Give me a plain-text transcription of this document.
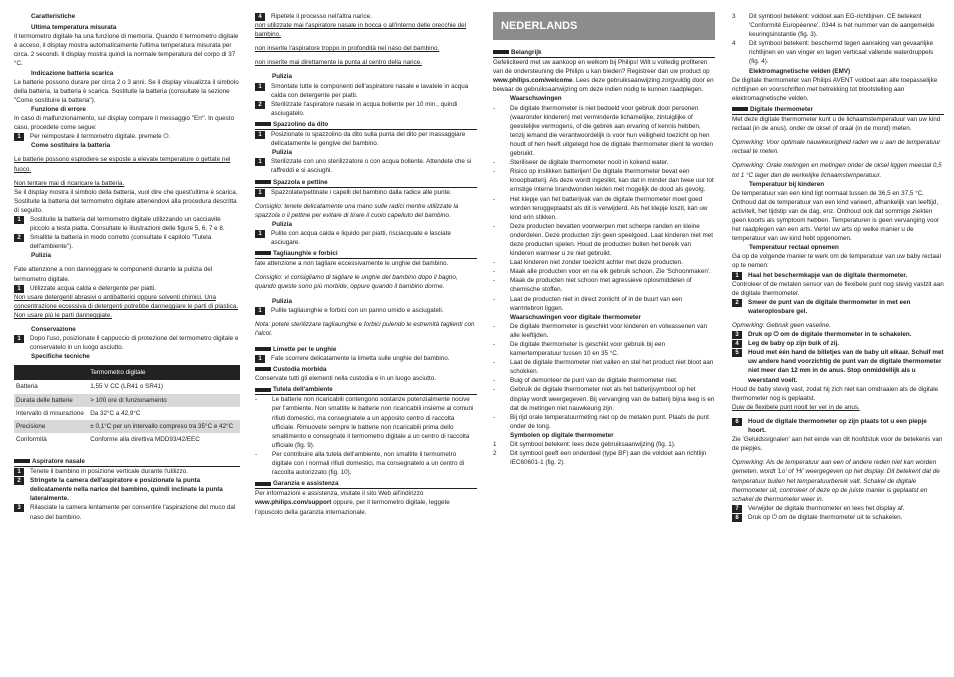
Caratteristiche

Ultima temperatura misurata

Il termometro digitale ha una funzione di memoria. Quando il termometro digitale è acceso, il display mostra automaticamente l'ultima temperatura misurata per circa. 2 secondi. Il display mostra quindi la normale temperatura del corpo di 37 °C.

Indicazione batteria scarica

Le batterie possono durare per circa 2 o 3 anni. Se il display visualizza il simbolo della batteria, la batteria è scarica. Sostituite la batteria (consultate la sezione "Come sostituire la batteria").

Funzione di errore

In caso di malfunzionamento, sul display compare il messaggio "Err". In questo caso, procedete come segue:

1	Per reimpostare il termometro digitale. premete ⏻.

Come sostituire la batteria

Le batterie possono esplodere se esposte a elevate temperature o gettate nel fuoco.

Non tentare mai di ricaricare la batteria.

Se il display mostra il simbolo della batteria, vuol dire che quest'ultima è scarica. Sostituite la batteria del termometro digitale attenendovi alla procedura descritta di seguito.

1	Sostituite la batteria del termometro digitale utilizzando un cacciavite piccolo a testa piatta. Consultate le illustrazioni delle figure 5, 6, 7 e 8.
2	Smaltite la batteria in modo corretto (consultate il capitolo "Tutela dell'ambiente").

Pulizia

Fate attenzione a non danneggiare le componenti durante la pulizia del termometro digitale.

1	Utilizzate acqua calda e detergente per piatti.

Non usare detergenti abrasivi o antibatterici oppure solventi chimici. Una concentrazione eccessiva di detergenti potrebbe danneggiare le parti di plastica. Non usare più le parti danneggiate.

Conservazione

1	Dopo l'uso, posizionate il cappuccio di protezione del termometro digitale e conservatelo in un luogo asciutto.

Specifiche tecniche

	Termometro digitale
Batteria	1,55 V CC (LR41 o SR41)
Durata delle batterie	> 100 ore di funzionamento
Intervallo di misurazione	Da 32°C a 42,9°C
Precisione	± 0,1°C per un intervallo compreso tra 35°C e 42°C
Conformità	Conforme alla direttiva MDD93/42/EEC

Aspiratore nasale

1	Tenete il bambino in posizione verticale durante l'utilizzo.
2	Stringete la camera dell'aspiratore e posizionate la punta delicatamente nella narice del bambino, quindi inclinate la punta lateralmente.
3	Rilasciate la camera lentamente per consentire l'aspirazione del muco dal naso del bambino.
4	Ripetete il processo nell'altra narice.

non utilizzate mai l'aspiratore nasale in bocca o all'interno delle orecchie del bambino.

non inserite l'aspiratore troppo in profondità nel naso del bambino.

non inserite mai direttamente la punta al centro della narice.

Pulizia

1	Smontate tutte le componenti dell'aspiratore nasale e lavatele in acqua calda con detergente per piatti.
2	Sterilizzate l'aspiratore nasale in acqua bollente per 10 min., quindi asciugatelo.

Spazzolino da dito

1	Posizionate lo spazzolino da dito sulla punta del dito per massaggiare delicatamente le gengive del bambino.

Pulizia

1	Sterilizzate con uno sterilizzatore o con acqua bollente. Attendete che si raffreddi e si asciughi.

Spazzola e pettine

1	Spazzolate/pettinate i capelli del bambino dalla radice alle punte.

Consiglio: tenete delicatamente una mano sulle radici mentre utilizzate la spazzola o il pettine per evitare di tirare il cuoio capelluto del bambino.

Pulizia

1	Pulite con acqua calda e liquido per piatti, risciacquate e lasciate asciugare.

Tagliaunghie e forbici

fate attenzione a non tagliare eccessivamente le unghie del bambino.

Consiglio: vi consigliamo di tagliare le unghie del bambino dopo il bagno, quando queste sono più morbide, oppure quando il bambino dorme.

Pulizia

1	Pulite tagliaunghie e forbici con un panno umido e asciugateli.

Nota: potete sterilizzare tagliaunghie e forbici pulendo le estremità taglienti con l'alcol.

Limette per le unghie

1	Fate scorrere delicatamente la limetta sulle unghie del bambino.

Custodia morbida

Conservate tutti gli elementi nella custodia e in un luogo asciutto.

Tutela dell'ambiente

-	Le batterie non ricaricabili contengono sostanze potenzialmente nocive per l'ambiente. Non smaltite le batterie non ricaricabili insieme ai comuni rifiuti domestici, ma consegnatele a un apposito centro di raccolta ufficiale. Rimuovete sempre le batterie non ricaricabili prima dello smaltimento e consegnate il termometro digitale a un centro di raccolta ufficiale (fig. 9).
-	Per contribuire alla tutela dell'ambiente, non smaltite il termometro digitale con i normali rifiuti domestici, ma consegnatelo a un centro di raccolta autorizzato (fig. 10).

Garanzia e assistenza

Per informazioni e assistenza, visitate il sito Web all'indirizzo www.philips.com/support oppure, per il termometro digitale, leggete l'opuscolo della garanzia internazionale.

NEDERLANDS

Belangrijk

Gefeliciteerd met uw aankoop en welkom bij Philips! Wilt u volledig profiteren van de ondersteuning die Philips u kan bieden? Registreer dan uw product op www.philips.com/welcome. Lees deze gebruiksaanwijzing zorgvuldig door en bewaar de gebruiksaanwijzing om deze indien nodig te kunnen raadplegen.

Waarschuwingen

-	De digitale thermometer is niet bedoeld voor gebruik door personen (waaronder kinderen) met verminderde lichamelijke, zintuiglijke of geestelijke vermogens, of die gebrek aan ervaring of kennis hebben, tenzij iemand die verantwoordelijk is voor hun veiligheid toezicht op hen houdt of hen heeft uitgelegd hoe de digitale thermometer dient te worden gebruikt.
-	Steriliseer de digitale thermometer nooit in kokend water.
-	Risico op inslikken batterijen! De digitale thermometer bevat een knoopbatterij. Als deze wordt ingeslikt, kan dat in minder dan twee uur tot ernstige interne brandwonden leiden met mogelijk de dood als gevolg.
-	Het klepje van het batterijvak van de digitale thermometer moet goed worden teruggeplaatst als dit is verwijderd. Als het klepje loszit, kan uw kind erin stikken.
-	Deze producten bevatten voorwerpen met scherpe randen en kleine onderdelen. Deze producten zijn geen speelgoed. Laat kinderen niet met deze producten spelen. Houd de producten buiten het bereik van kinderen wanneer u ze niet gebruikt.
-	Laat kinderen niet zonder toezicht achter met deze producten.
-	Maak alle producten voor en na elk gebruik schoon. Zie 'Schoonmaken'.
-	Maak de producten niet schoon met agressieve oplosmiddelen of chemische stoffen.
-	Laat de producten niet in direct zonlicht of in de buurt van een warmtebron liggen.

Waarschuwingen voor digitale thermometer

-	De digitale thermometer is geschikt voor kinderen en volwassenen van alle leeftijden.
-	De digitale thermometer is geschikt voor gebruik bij een kamertemperatuur tussen 10 en 35 °C.
-	Laat de digitale thermometer niet vallen en stel het product niet bloot aan schokken.
-	Buig of demonteer de punt van de digitale thermometer niet.
-	Gebruik de digitale thermometer niet als het batterijsymbool op het display wordt weergegeven. Bij vervanging van de batterij bijna leeg is en dat de metingen niet nauwkeurig zijn.
-	Bij rijd orale temperatuurmeting niet op de metalen punt. Plaats de punt onder de tong.

Symbolen op digitale thermometer

1	Dit symbool betekent: lees deze gebruiksaanwijzing (fig. 1).
2	Dit symbool geeft een onderdeel (type BF) aan die voldoet aan richtlijn IEC60601-1 (fig. 2).
3	Dit symbool betekent: voldoet aan EG-richtlijnen. CE betekent 'Conformité Européenne'. 0344 is het nummer van de aangemelde keuringsinstantie (fig. 3).
4	Dit symbool betekent: beschermd tegen aanraking van gevaarlijke richtlijnen en van vinger en tegen verticaal vallende waterdruppels (fig. 4).

Elektromagnetische velden (EMV)

De digitale thermometer van Philips AVENT voldoet aan alle toepasselijke richtlijnen en voorschriften met betrekking tot blootstelling aan elektromagnetische velden.

Digitale thermometer

Met deze digitale thermometer kunt u de lichaamstemperatuur van uw kind rectaal (in de anus), onder de oksel of oraal (in de mond) meten.

Opmerking: Voor optimale nauwkeurigheid raden we u aan de temperatuur rectaal te meten.

Opmerking: Orale metingen en metingen onder de oksel liggen meestal 0,5 tot 1 °C lager dan de werkelijke lichaamstemperatuur.

Temperatuur bij kinderen

De temperatuur van een kind ligt normaal tussen de 36,5 en 37,5 °C. Onthoud dat de temperatuur van een kind varieert, afhankelijk van leeftijd, activiteit, het tijdstip van de dag, enz. Onthoud ook dat sommige ziekten geen koorts als symptoom hebben. Temperaturen is geen vervanging voor het raadplegen van een arts. Vertel uw arts op welke manier u de temperatuur van uw kind hebt opgenomen.

Temperatuur rectaal opnemen

Ga op de volgende manier te werk om de temperatuur van uw baby rectaal op te nemen:

1	Haal het beschermkapje van de digitale thermometer.

Controleer of de metalen sensor van de flexibele punt nog stevig vastzit aan de digitale thermometer.

2	Smeer de punt van de digitale thermometer in met een wateroplosbare gel.

Opmerking: Gebruik geen vaseline.

3	Druk op ⏻ om de digitale thermometer in te schakelen.
4	Leg de baby op zijn buik of zij.
5	Houd met één hand de billetjes van de baby uit elkaar. Schuif met uw andere hand voorzichtig de punt van de digitale thermometer niet meer dan 12 mm in de anus. Stop onmiddellijk als u weerstand voelt.

Houd de baby stevig vast, zodat hij zich niet kan omdraaien als de digitale thermometer nog is geplaatst.

Duw de flexibele punt nooit ter ver in de anus.

6	Houd de digitale thermometer op zijn plaats tot u een piepje hoort.

Zie 'Geluidssignalen' aan het einde van dit hoofdstuk voor de betekenis van de piepjes.

Opmerking: Als de temperatuur aan een of andere reden niet kan worden gemeten, wordt 'Lo' of 'Hi' weergegeven op het display. Dit betekent dat de temperatuur buiten het temperatuurbereik valt. Schakel de digitale thermometer uit, controleer of deze op de juiste manier is geplaatst en schakel de thermometer weer in.

7	Verwijder de digitale thermometer en lees het display af.
8	Druk op ⏻ om de digitale thermometer uit te schakelen.
